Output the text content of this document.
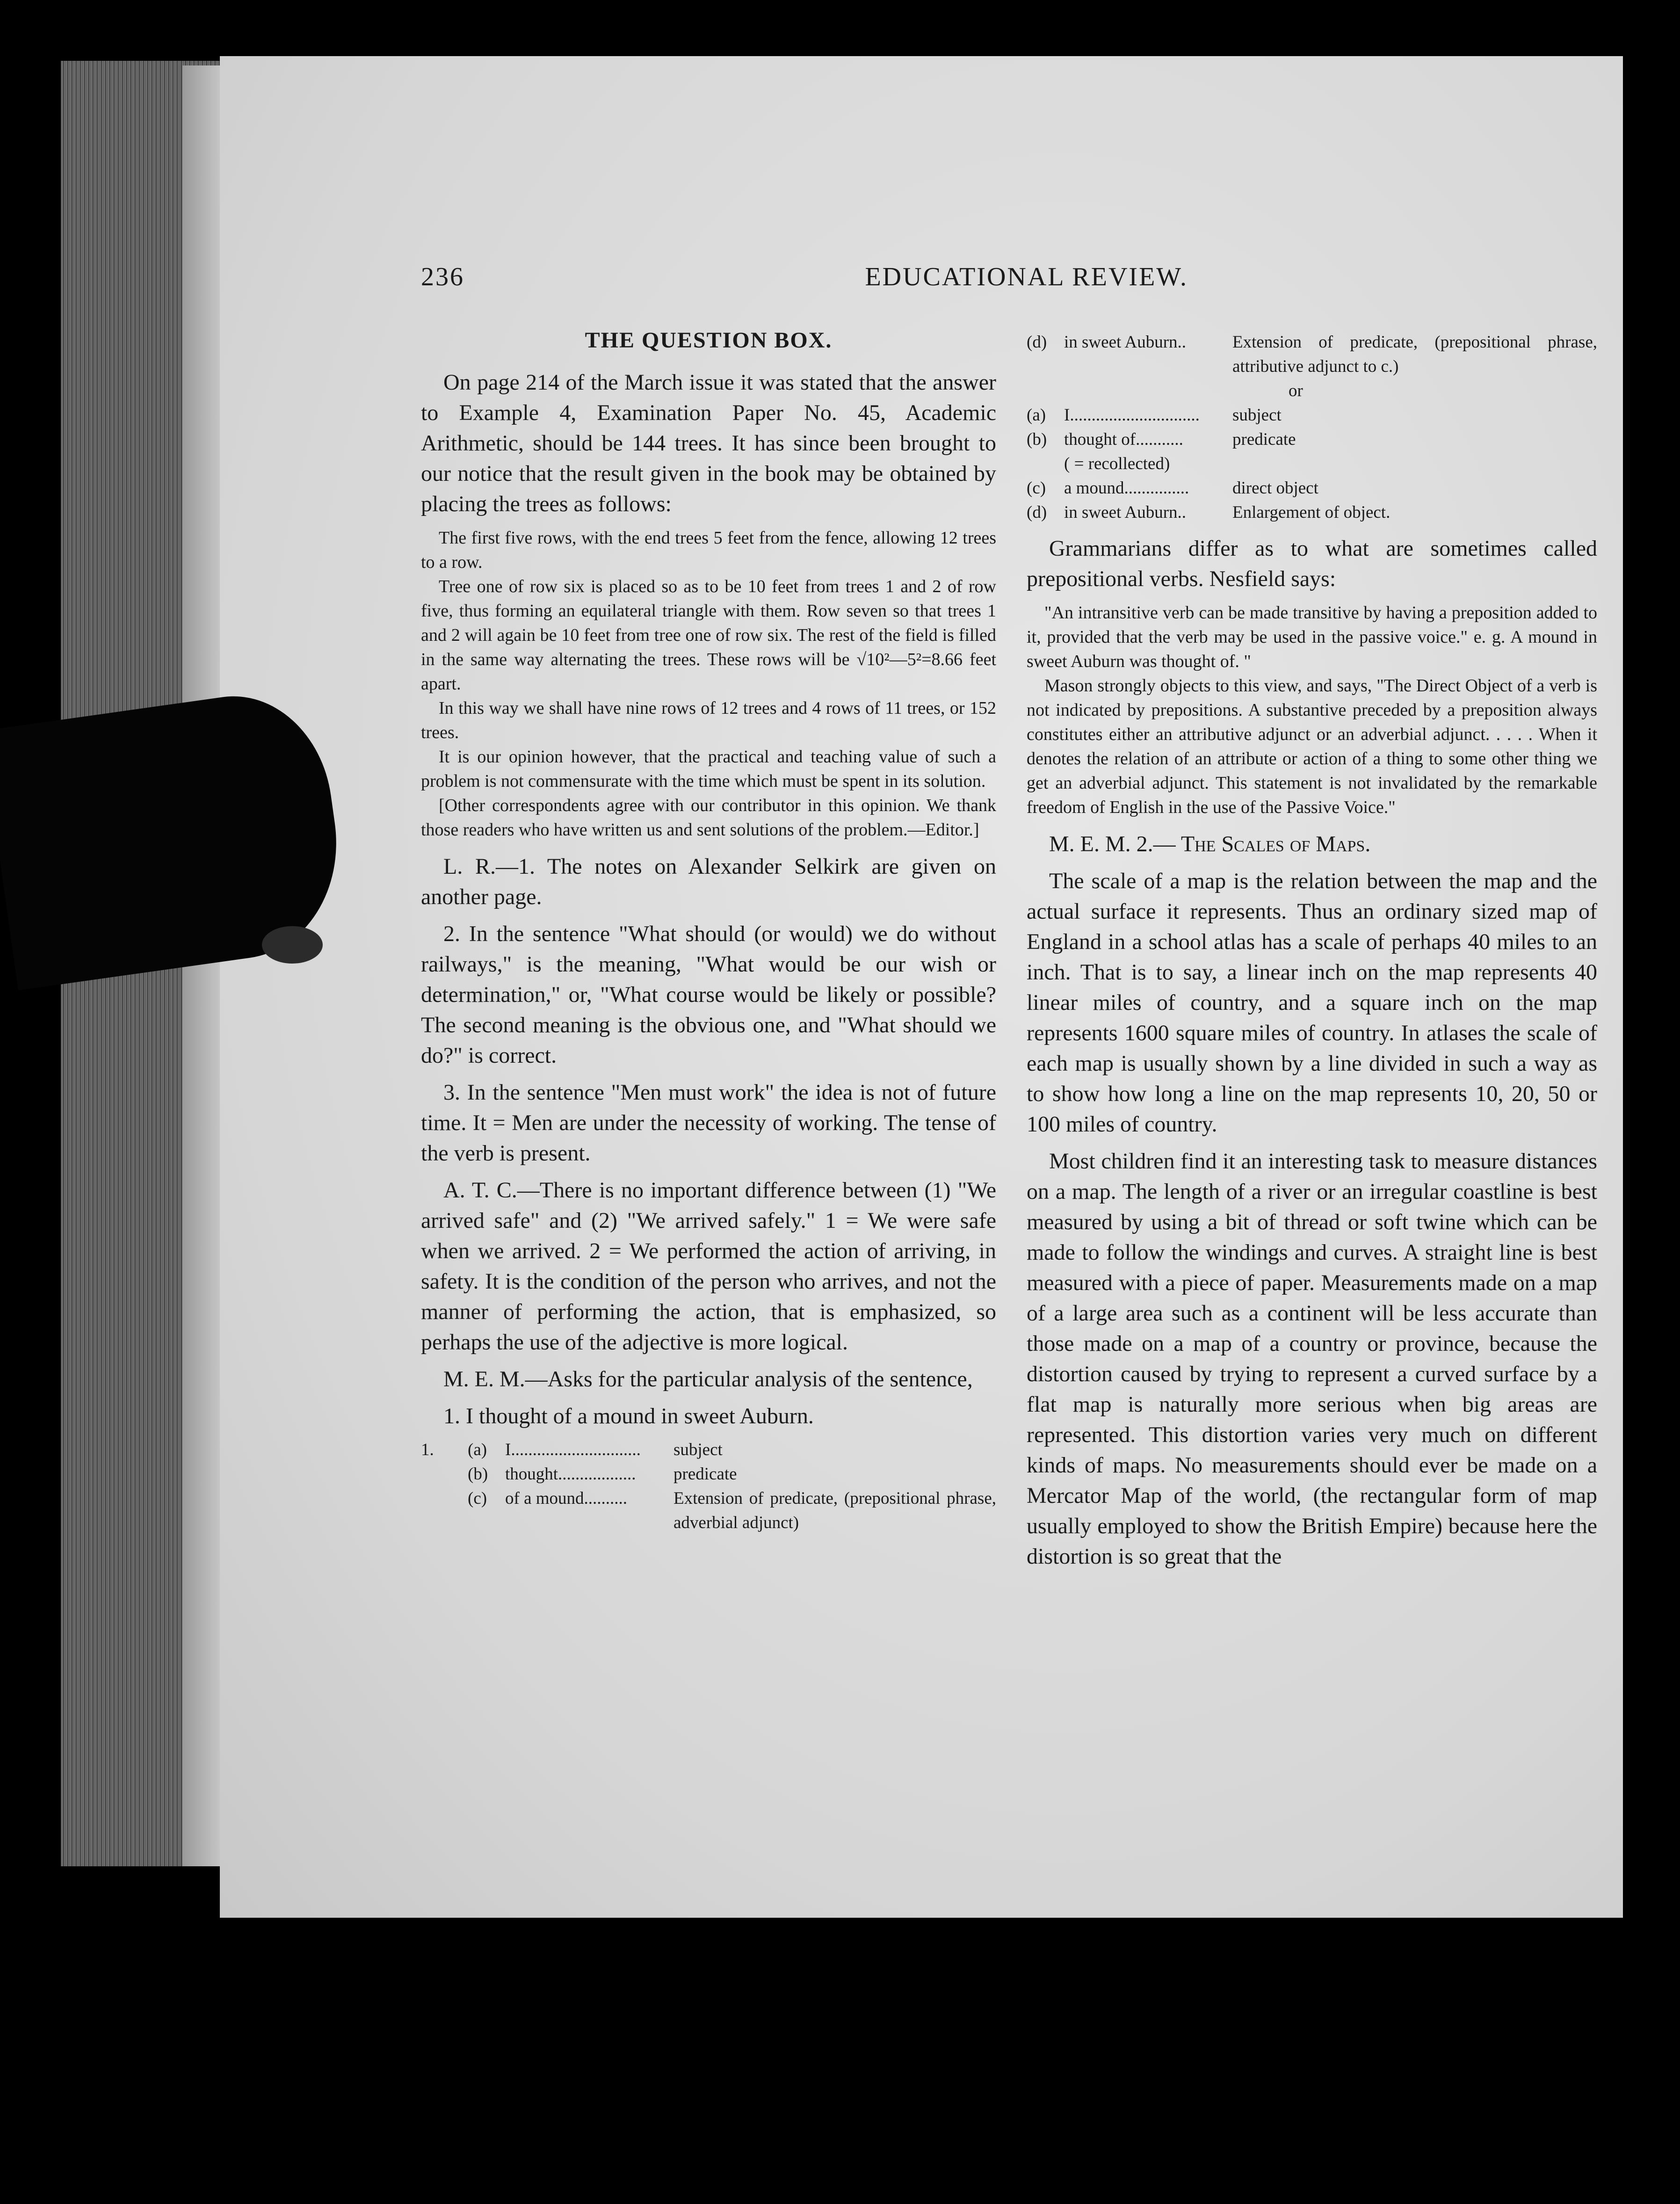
236	EDUCATIONAL REVIEW.
THE QUESTION BOX.

On page 214 of the March issue it was stated that the answer to Example 4, Examination Paper No. 45, Academic Arithmetic, should be 144 trees. It has since been brought to our notice that the result given in the book may be obtained by placing the trees as follows:

The first five rows, with the end trees 5 feet from the fence, allowing 12 trees to a row.

Tree one of row six is placed so as to be 10 feet from trees 1 and 2 of row five, thus forming an equilateral triangle with them. Row seven so that trees 1 and 2 will again be 10 feet from tree one of row six. The rest of the field is filled in the same way alternating the trees. These rows will be √10²—5²=8.66 feet apart.

In this way we shall have nine rows of 12 trees and 4 rows of 11 trees, or 152 trees.

It is our opinion however, that the practical and teaching value of such a problem is not commensurate with the time which must be spent in its solution.

[Other correspondents agree with our contributor in this opinion. We thank those readers who have written us and sent solutions of the problem.—Editor.]

L. R.—1. The notes on Alexander Selkirk are given on another page.

2. In the sentence "What should (or would) we do without railways," is the meaning, "What would be our wish or determination," or, "What course would be likely or possible? The second meaning is the obvious one, and "What should we do?" is correct.

3. In the sentence "Men must work" the idea is not of future time. It = Men are under the necessity of working. The tense of the verb is present.

A. T. C.—There is no important difference between (1) "We arrived safe" and (2) "We arrived safely." 1 = We were safe when we arrived. 2 = We performed the action of arriving, in safety. It is the condition of the person who arrives, and not the manner of performing the action, that is emphasized, so perhaps the use of the adjective is more logical.

M. E. M.—Asks for the particular analysis of the sentence,

1. I thought of a mound in sweet Auburn.

1.	(a)	I..............................	subject
(b) thought..................	predicate
(c)	of a mound..........	Extension of predicate, (prepositional phrase, adverbial adjunct)
(d) in sweet Auburn..	Extension of predicate, (prepositional phrase, attributive adjunct to c.)
or
(a)	I..............................	subject
(b) thought of...........	predicate
( = recollected)
(c)	a mound...............	direct object
(d) in sweet Auburn..	Enlargement of object.

Grammarians differ as to what are sometimes called prepositional verbs. Nesfield says:

"An intransitive verb can be made transitive by having a preposition added to it, provided that the verb may be used in the passive voice." e. g. A mound in sweet Auburn was thought of. "

Mason strongly objects to this view, and says, "The Direct Object of a verb is not indicated by prepositions. A substantive preceded by a preposition always constitutes either an attributive adjunct or an adverbial adjunct. . . . . When it denotes the relation of an attribute or action of a thing to some other thing we get an adverbial adjunct. This statement is not invalidated by the remarkable freedom of English in the use of the Passive Voice."

M. E. M. 2.— The Scales of Maps.

The scale of a map is the relation between the map and the actual surface it represents. Thus an ordinary sized map of England in a school atlas has a scale of perhaps 40 miles to an inch. That is to say, a linear inch on the map represents 40 linear miles of country, and a square inch on the map represents 1600 square miles of country. In atlases the scale of each map is usually shown by a line divided in such a way as to show how long a line on the map represents 10, 20, 50 or 100 miles of country.

Most children find it an interesting task to measure distances on a map. The length of a river or an irregular coastline is best measured by using a bit of thread or soft twine which can be made to follow the windings and curves. A straight line is best measured with a piece of paper. Measurements made on a map of a large area such as a continent will be less accurate than those made on a map of a country or province, because the distortion caused by trying to represent a curved surface by a flat map is naturally more serious when big areas are represented. This distortion varies very much on different kinds of maps. No measurements should ever be made on a Mercator Map of the world, (the rectangular form of map usually employed to show the British Empire) because here the distortion is so great that the
